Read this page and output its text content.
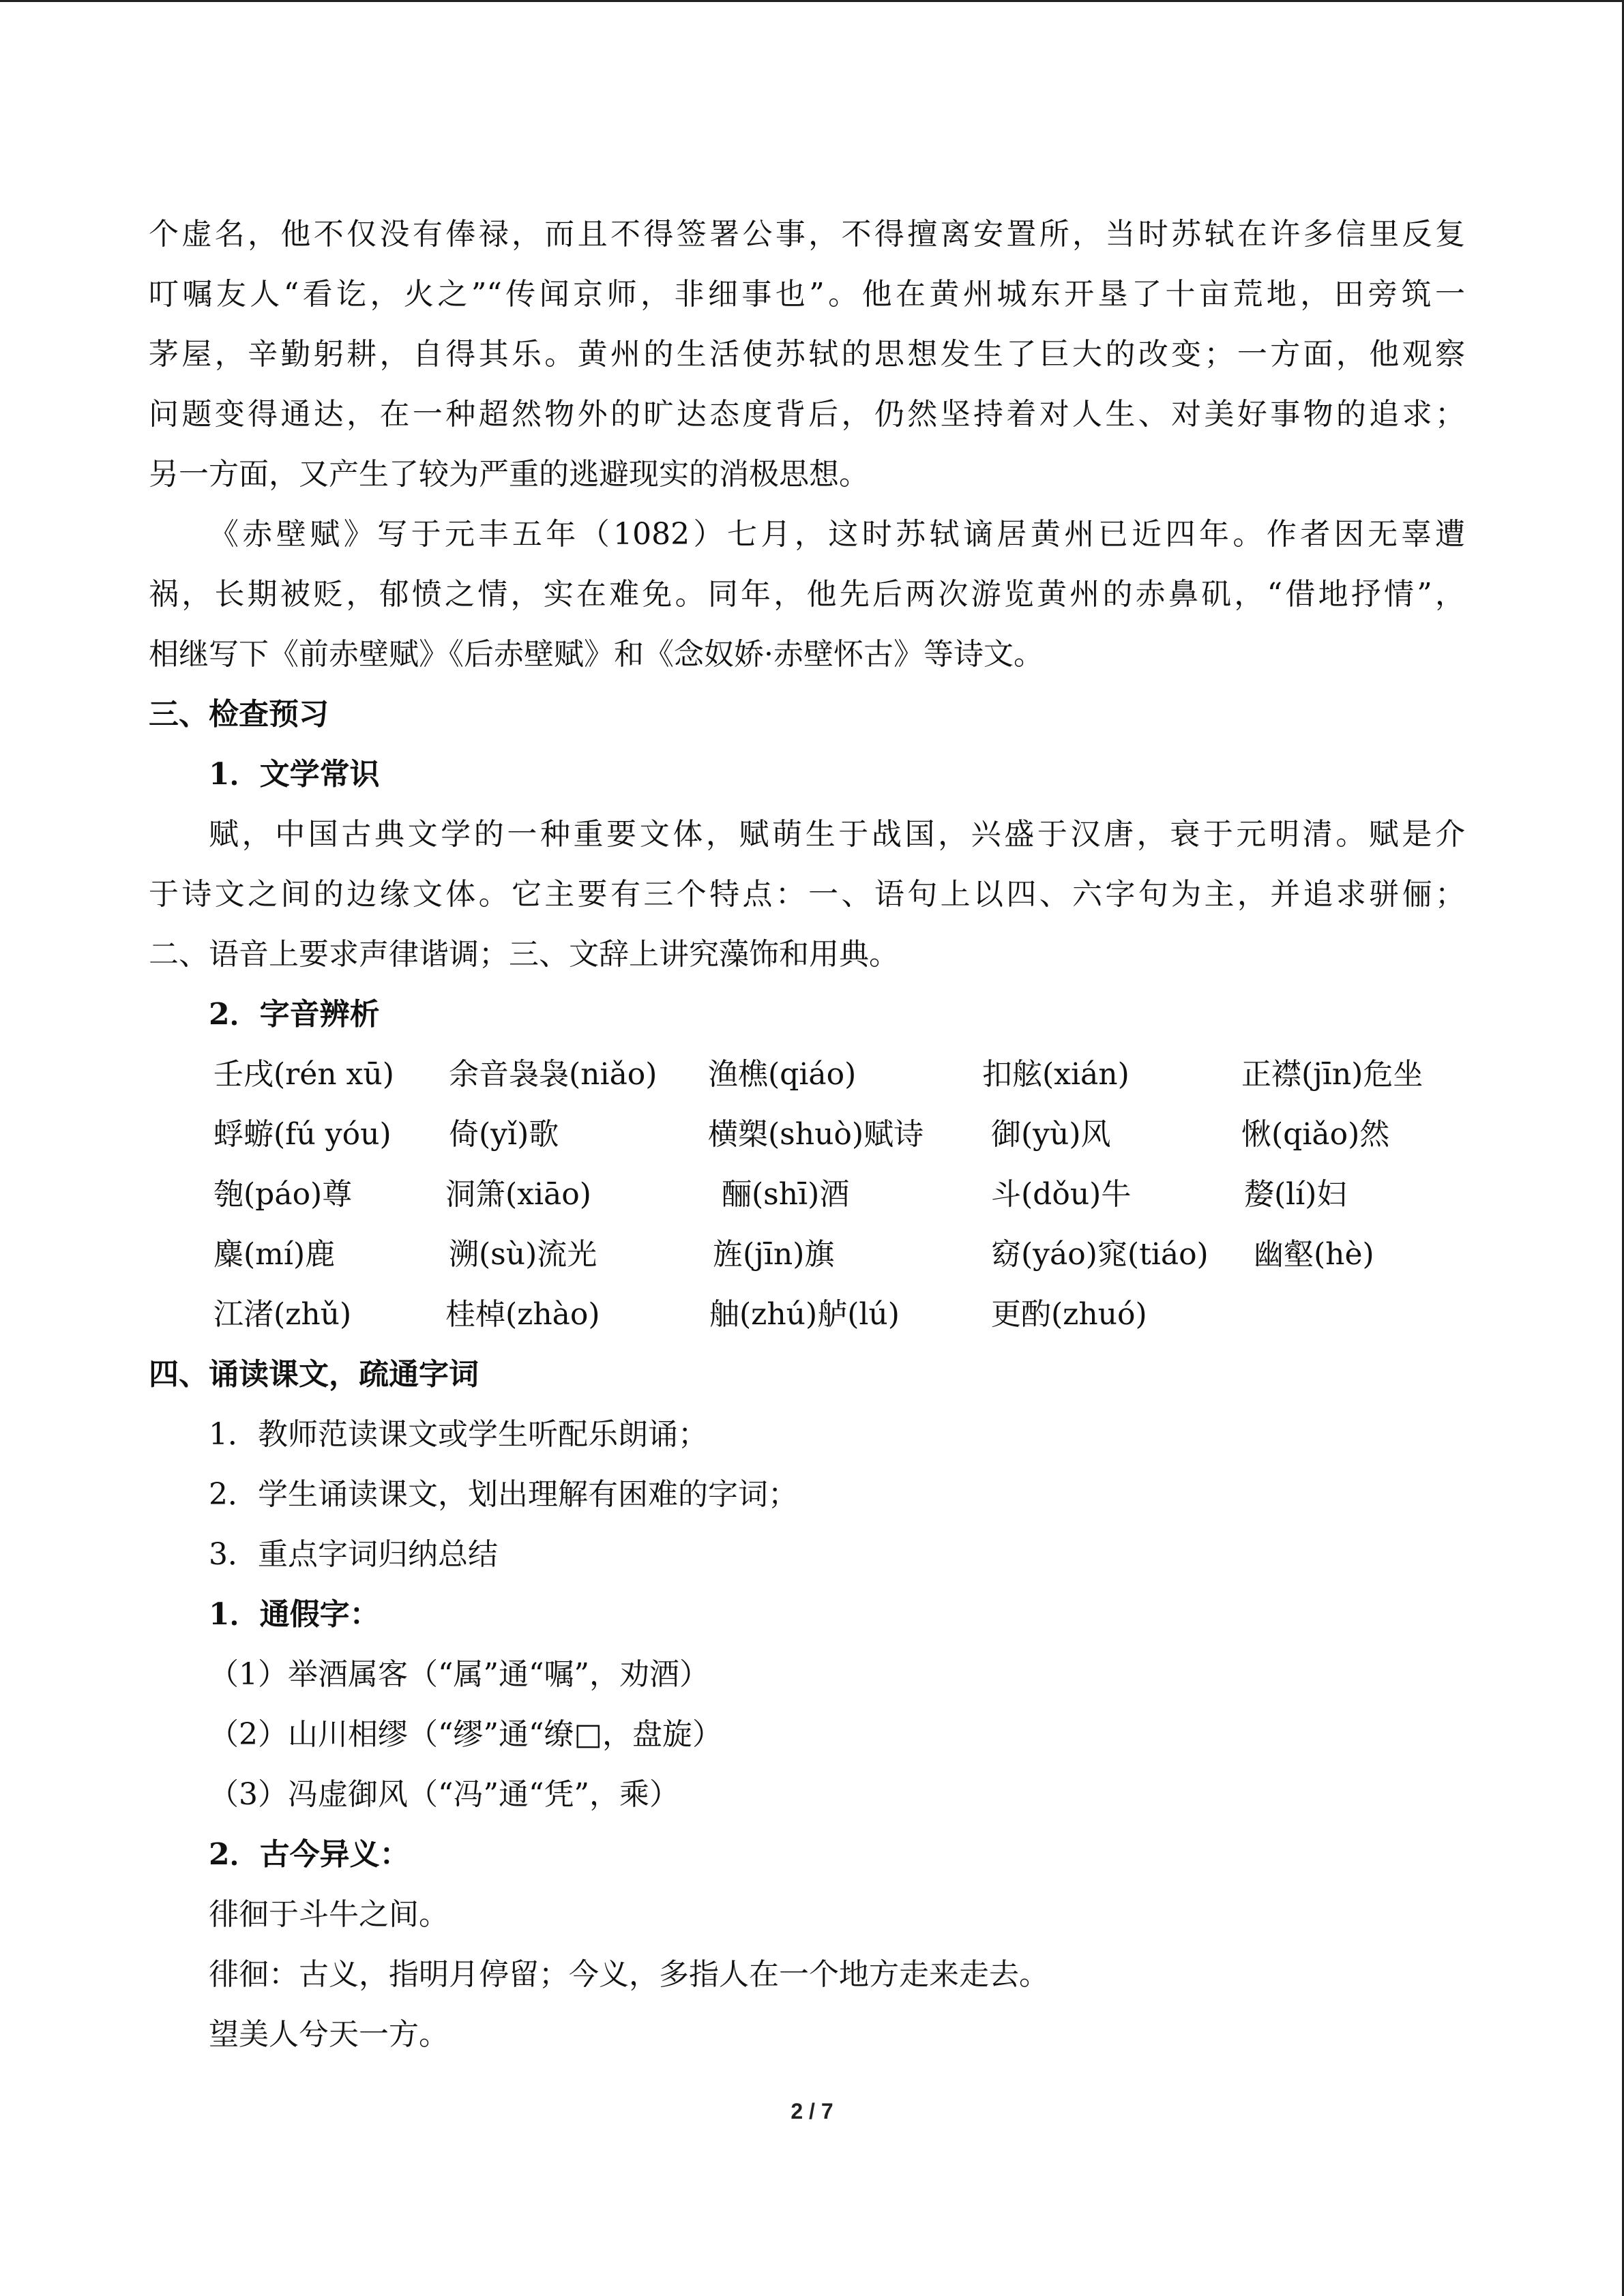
个虚名，他不仅没有俸禄，而且不得签署公事，不得擅离安置所，当时苏轼在许多信里反复
叮嘱友人“看讫，火之”“传闻京师，非细事也”。他在黄州城东开垦了十亩荒地，田旁筑一
茅屋，辛勤躬耕，自得其乐。黄州的生活使苏轼的思想发生了巨大的改变；一方面，他观察
问题变得通达，在一种超然物外的旷达态度背后，仍然坚持着对人生、对美好事物的追求；
另一方面，又产生了较为严重的逃避现实的消极思想。
《赤壁赋》写于元丰五年（1082）七月，这时苏轼谪居黄州已近四年。作者因无辜遭
祸，长期被贬，郁愤之情，实在难免。同年，他先后两次游览黄州的赤鼻矶，“借地抒情”，
相继写下《前赤壁赋》《后赤壁赋》和《念奴娇·赤壁怀古》等诗文。
三、检查预习
1．文学常识
赋，中国古典文学的一种重要文体，赋萌生于战国，兴盛于汉唐，衰于元明清。赋是介
于诗文之间的边缘文体。它主要有三个特点：一、语句上以四、六字句为主，并追求骈俪；
二、语音上要求声律谐调；三、文辞上讲究藻饰和用典。
2．字音辨析
壬戌(rén xū) 余音袅袅(niǎo) 渔樵(qiáo)	扣舷(xián)	正襟(jīn)危坐
蜉蝣(fú yóu) 倚(yǐ)歌	横槊(shuò)赋诗 御(yù)风	愀(qiǎo)然
匏(páo)尊	洞箫(xiāo)	酾(shī)酒	斗(dǒu)牛	嫠(lí)妇
麋(mí)鹿	溯(sù)流光	旌(jīn)旗	窈(yáo)窕(tiáo) 幽壑(hè)
江渚(zhǔ)	桂棹(zhào)	舳(zhú)舻(lú)	更酌(zhuó)
四、诵读课文，疏通字词
1．教师范读课文或学生听配乐朗诵；
2．学生诵读课文，划出理解有困难的字词；
3．重点字词归纳总结
1．通假字：
（1）举酒属客（“属”通“嘱”，劝酒）
（2）山川相缪（“缪”通“缭□，盘旋）
（3）冯虚御风（“冯”通“凭”，乘）
2．古今异义：
徘徊于斗牛之间。
徘徊：古义，指明月停留；今义，多指人在一个地方走来走去。
望美人兮天一方。
2 / 7
